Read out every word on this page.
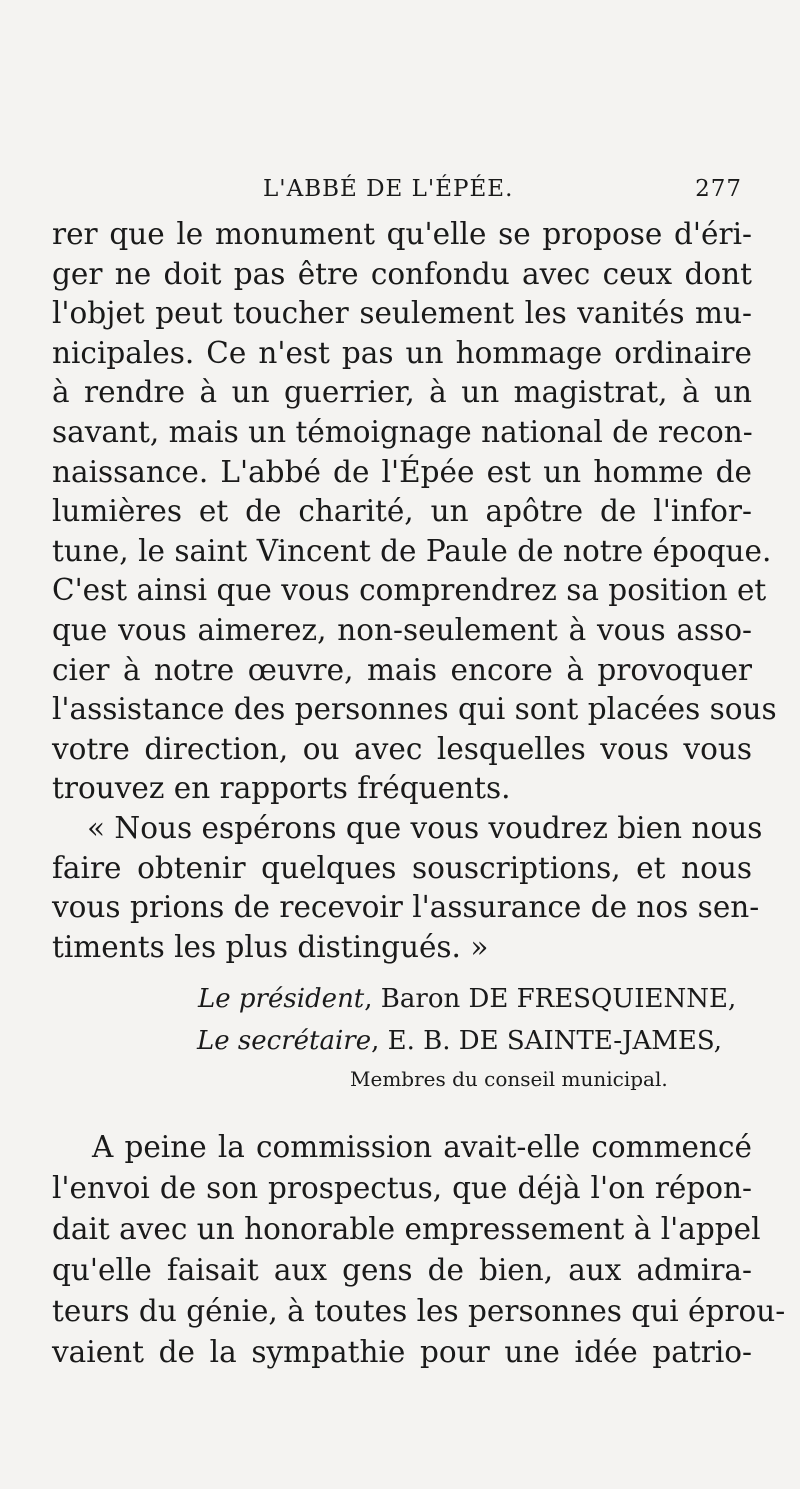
L'ABBÉ DE L'ÉPÉE.	277
rer que le monument qu'elle se propose d'éri-
ger ne doit pas être confondu avec ceux dont
l'objet peut toucher seulement les vanités mu-
nicipales. Ce n'est pas un hommage ordinaire
à rendre à un guerrier, à un magistrat, à un
savant, mais un témoignage national de recon-
naissance. L'abbé de l'Épée est un homme de
lumières et de charité, un apôtre de l'infor-
tune, le saint Vincent de Paule de notre époque.
C'est ainsi que vous comprendrez sa position et
que vous aimerez, non-seulement à vous asso-
cier à notre œuvre, mais encore à provoquer
l'assistance des personnes qui sont placées sous
votre direction, ou avec lesquelles vous vous
trouvez en rapports fréquents.
« Nous espérons que vous voudrez bien nous
faire obtenir quelques souscriptions, et nous
vous prions de recevoir l'assurance de nos sen-
timents les plus distingués. »
Le président, Baron DE FRESQUIENNE,
Le secrétaire, E. B. DE SAINTE-JAMES,
Membres du conseil municipal.
A peine la commission avait-elle commencé
l'envoi de son prospectus, que déjà l'on répon-
dait avec un honorable empressement à l'appel
qu'elle faisait aux gens de bien, aux admira-
teurs du génie, à toutes les personnes qui éprou-
vaient de la sympathie pour une idée patrio-
